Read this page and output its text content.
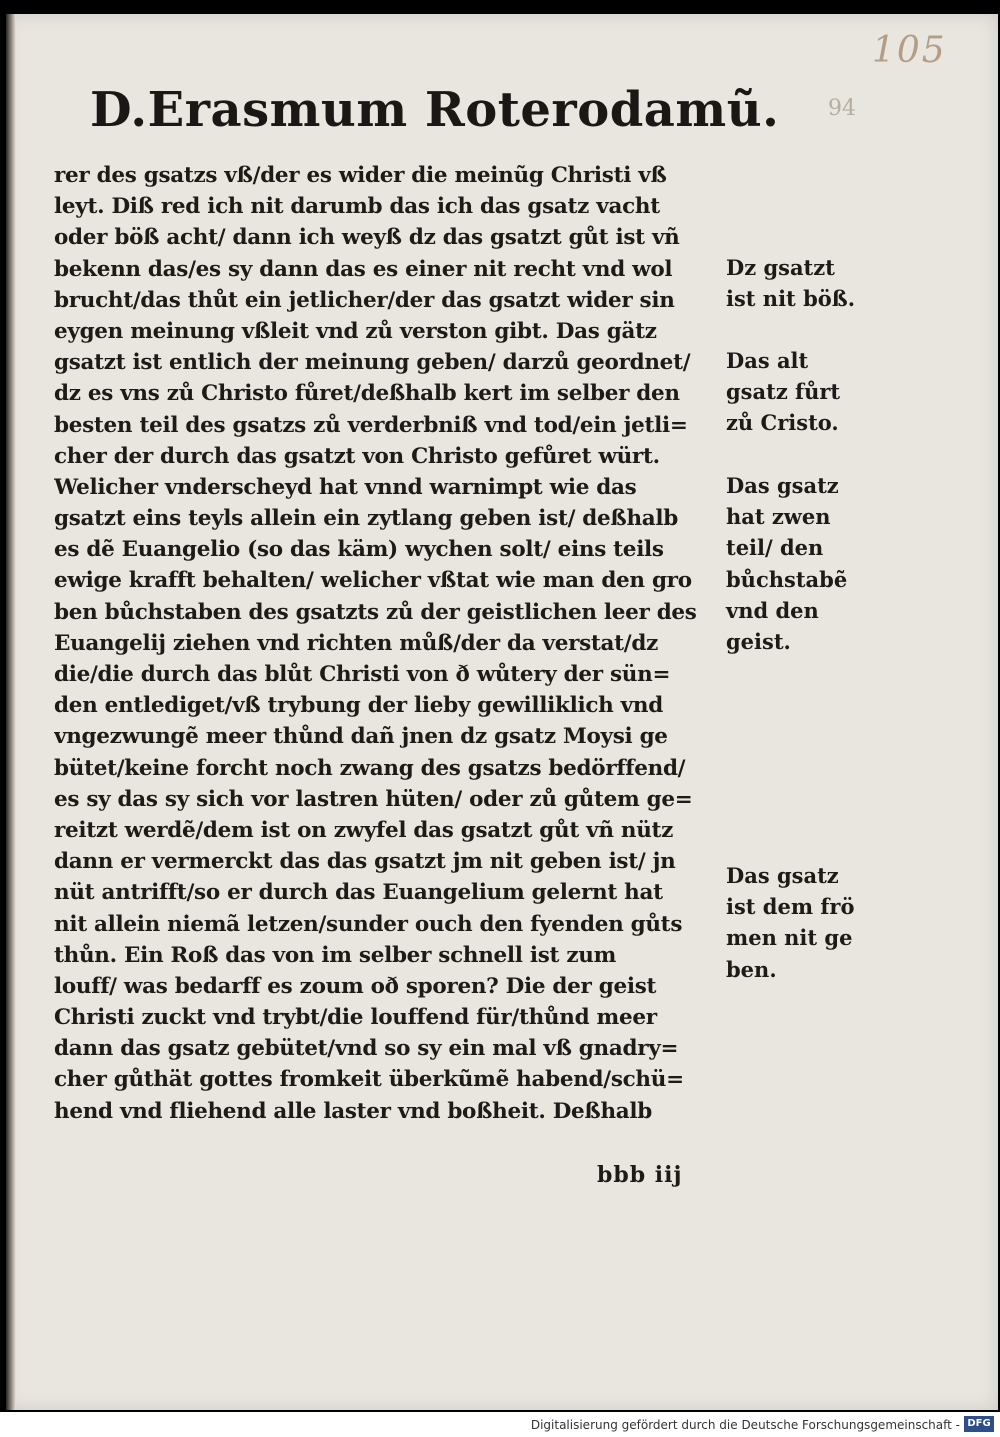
105
94
D.Erasmum Roterodamũ.
rer des gsatzs vß/der es wider die meinũg Christi vß
leyt. Diß red ich nit darumb das ich das gsatz vacht
oder böß acht/ dann ich weyß dz das gsatzt gůt ist vñ
bekenn das/es sy dann das es einer nit recht vnd wol
brucht/das thůt ein jetlicher/der das gsatzt wider sin
eygen meinung vßleit vnd zů verston gibt. Das gätz
gsatzt ist entlich der meinung geben/ darzů geordnet/
dz es vns zů Christo fůret/deßhalb kert im selber den
besten teil des gsatzs zů verderbniß vnd tod/ein jetli=
cher der durch das gsatzt von Christo gefůret würt.
Welicher vnderscheyd hat vnnd warnimpt wie das
gsatzt eins teyls allein ein zytlang geben ist/ deßhalb
es dẽ Euangelio (so das käm) wychen solt/ eins teils
ewige krafft behalten/ welicher vßtat wie man den gro
ben bůchstaben des gsatzts zů der geistlichen leer des
Euangelij ziehen vnd richten můß/der da verstat/dz
die/die durch das blůt Christi von ð wůtery der sün=
den entlediget/vß trybung der lieby gewilliklich vnd
vngezwungẽ meer thůnd dañ jnen dz gsatz Moysi ge
bütet/keine forcht noch zwang des gsatzs bedörffend/
es sy das sy sich vor lastren hüten/ oder zů gůtem ge=
reitzt werdẽ/dem ist on zwyfel das gsatzt gůt vñ nütz
dann er vermerckt das das gsatzt jm nit geben ist/ jn
nüt antrifft/so er durch das Euangelium gelernt hat
nit allein niemã letzen/sunder ouch den fyenden gůts
thůn. Ein Roß das von im selber schnell ist zum
louff/ was bedarff es zoum oð sporen? Die der geist
Christi zuckt vnd trybt/die louffend für/thůnd meer
dann das gsatz gebütet/vnd so sy ein mal vß gnadry=
cher gůthät gottes fromkeit überkũmẽ habend/schü=
hend vnd fliehend alle laster vnd boßheit. Deßhalb
Dz gsatzt
ist nit böß.
Das alt
gsatz fůrt
zů Cristo.
Das gsatz
hat zwen
teil/ den
bůchstabẽ
vnd den
geist.
Das gsatz
ist dem frö
men nit ge
ben.
bbb iij
Digitalisierung gefördert durch die Deutsche Forschungsgemeinschaft - DFG
